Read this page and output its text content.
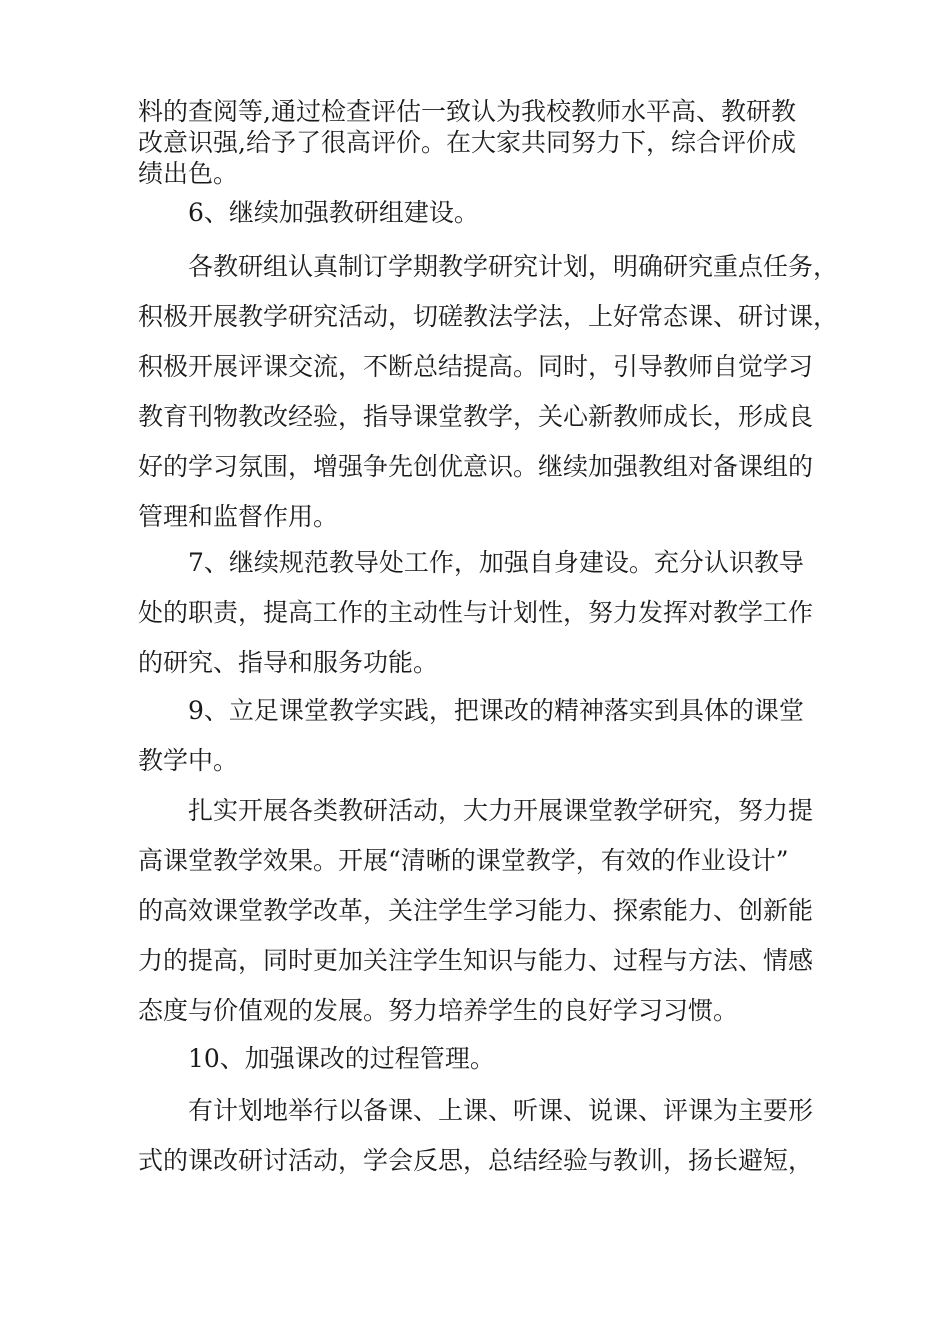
料的查阅等,通过检查评估一致认为我校教师水平高、教研教
改意识强,给予了很高评价。在大家共同努力下，综合评价成
绩出色。
　　6、继续加强教研组建设。
　　各教研组认真制订学期教学研究计划，明确研究重点任务，
积极开展教学研究活动，切磋教法学法，上好常态课、研讨课，
积极开展评课交流，不断总结提高。同时，引导教师自觉学习
教育刊物教改经验，指导课堂教学，关心新教师成长，形成良
好的学习氛围，增强争先创优意识。继续加强教组对备课组的
管理和监督作用。
　　7、继续规范教导处工作，加强自身建设。充分认识教导
处的职责，提高工作的主动性与计划性，努力发挥对教学工作
的研究、指导和服务功能。
　　9、立足课堂教学实践，把课改的精神落实到具体的课堂
教学中。
　　扎实开展各类教研活动，大力开展课堂教学研究，努力提
高课堂教学效果。开展“清晰的课堂教学，有效的作业设计”
的高效课堂教学改革，关注学生学习能力、探索能力、创新能
力的提高，同时更加关注学生知识与能力、过程与方法、情感
态度与价值观的发展。努力培养学生的良好学习习惯。
　　10、加强课改的过程管理。
　　有计划地举行以备课、上课、听课、说课、评课为主要形
式的课改研讨活动，学会反思，总结经验与教训，扬长避短，
